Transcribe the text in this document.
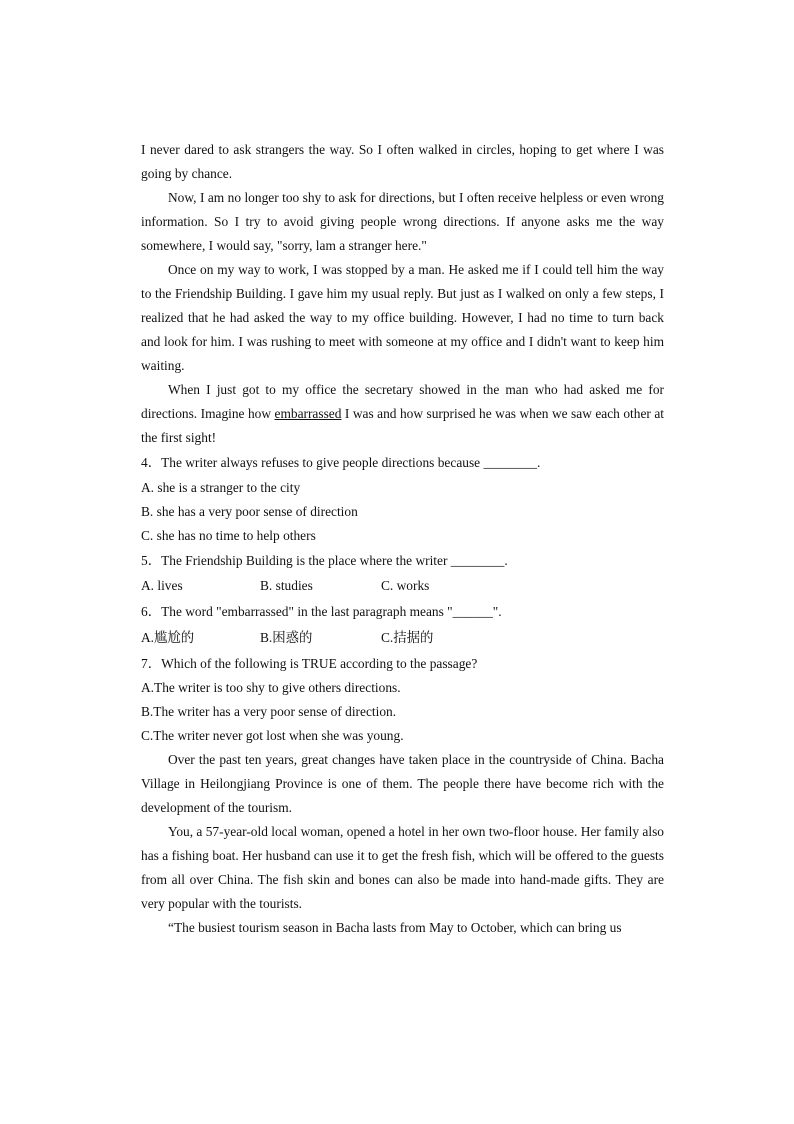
I never dared to ask strangers the way. So I often walked in circles, hoping to get where I was going by chance.

Now, I am no longer too shy to ask for directions, but I often receive helpless or even wrong information. So I try to avoid giving people wrong directions. If anyone asks me the way somewhere, I would say, "sorry, lam a stranger here."

Once on my way to work, I was stopped by a man. He asked me if I could tell him the way to the Friendship Building. I gave him my usual reply. But just as I walked on only a few steps, I realized that he had asked the way to my office building. However, I had no time to turn back and look for him. I was rushing to meet with someone at my office and I didn't want to keep him waiting.

When I just got to my office the secretary showed in the man who had asked me for directions. Imagine how embarrassed I was and how surprised he was when we saw each other at the first sight!

4．The writer always refuses to give people directions because ________.

A. she is a stranger to the city

B. she has a very poor sense of direction

C. she has no time to help others

5．The Friendship Building is the place where the writer ________.

A. lives	B. studies	C. works

6．The word "embarrassed" in the last paragraph means "______".

A.尴尬的	B.困惑的	C.拮据的

7．Which of the following is TRUE according to the passage?

A.The writer is too shy to give others directions.

B.The writer has a very poor sense of direction.

C.The writer never got lost when she was young.

Over the past ten years, great changes have taken place in the countryside of China. Bacha Village in Heilongjiang Province is one of them. The people there have become rich with the development of the tourism.

You, a 57-year-old local woman, opened a hotel in her own two-floor house. Her family also has a fishing boat. Her husband can use it to get the fresh fish, which will be offered to the guests from all over China. The fish skin and bones can also be made into hand-made gifts. They are very popular with the tourists.

“The busiest tourism season in Bacha lasts from May to October, which can bring us
